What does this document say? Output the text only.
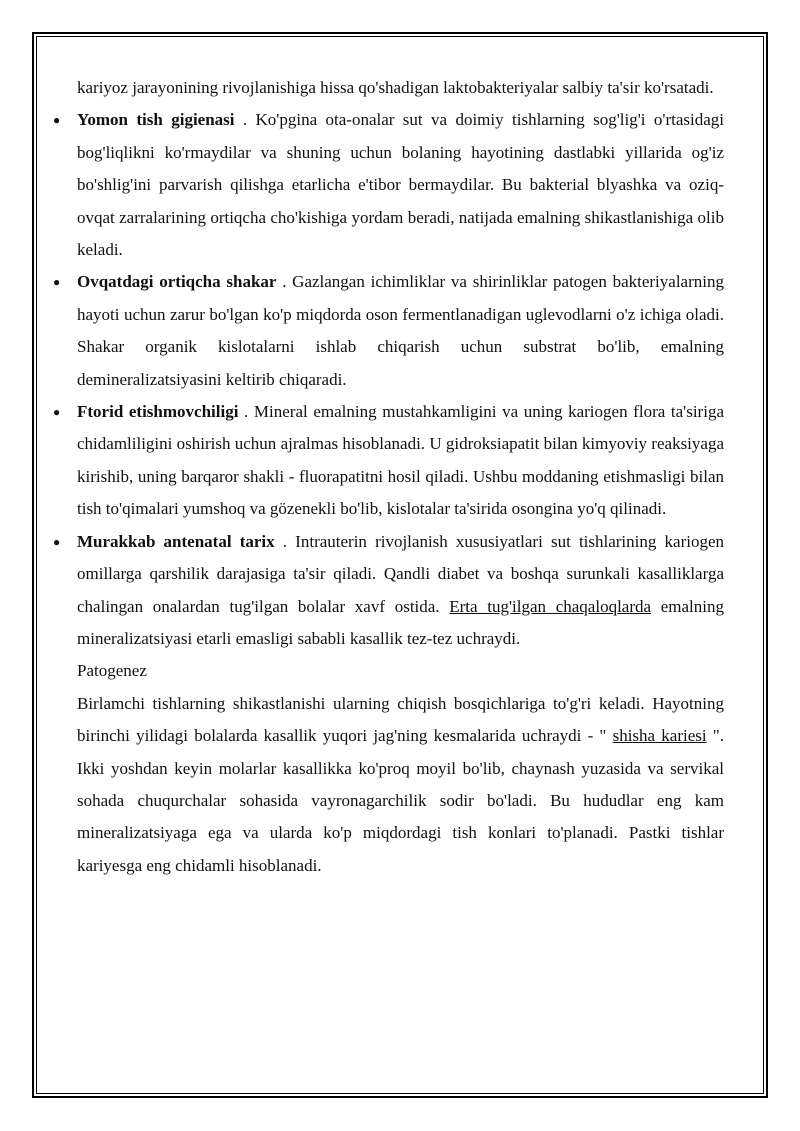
kariyoz jarayonining rivojlanishiga hissa qo'shadigan laktobakteriyalar salbiy ta'sir ko'rsatadi.

● Yomon tish gigienasi . Ko'pgina ota-onalar sut va doimiy tishlarning sog'lig'i o'rtasidagi bog'liqlikni ko'rmaydilar va shuning uchun bolaning hayotining dastlabki yillarida og'iz bo'shlig'ini parvarish qilishga etarlicha e'tibor bermaydilar. Bu bakterial blyashka va oziq-ovqat zarralarining ortiqcha cho'kishiga yordam beradi, natijada emalning shikastlanishiga olib keladi.
● Ovqatdagi ortiqcha shakar . Gazlangan ichimliklar va shirinliklar patogen bakteriyalarning hayoti uchun zarur bo'lgan ko'p miqdorda oson fermentlanadigan uglevodlarni o'z ichiga oladi. Shakar organik kislotalarni ishlab chiqarish uchun substrat bo'lib, emalning demineralizatsiyasini keltirib chiqaradi.
● Ftorid etishmovchiligi . Mineral emalning mustahkamligini va uning kariogen flora ta'siriga chidamliligini oshirish uchun ajralmas hisoblanadi. U gidroksiapatit bilan kimyoviy reaksiyaga kirishib, uning barqaror shakli - fluorapatitni hosil qiladi. Ushbu moddaning etishmasligi bilan tish to'qimalari yumshoq va gözenekli bo'lib, kislotalar ta'sirida osongina yo'q qilinadi.
● Murakkab antenatal tarix . Intrauterin rivojlanish xususiyatlari sut tishlarining kariogen omillarga qarshilik darajasiga ta'sir qiladi. Qandli diabet va boshqa surunkali kasalliklarga chalingan onalardan tug'ilgan bolalar xavf ostida. Erta tug'ilgan chaqaloqlarda emalning mineralizatsiyasi etarli emasligi sababli kasallik tez-tez uchraydi.

Patogenez

Birlamchi tishlarning shikastlanishi ularning chiqish bosqichlariga to'g'ri keladi. Hayotning birinchi yilidagi bolalarda kasallik yuqori jag'ning kesmalarida uchraydi - " shisha kariesi ". Ikki yoshdan keyin molarlar kasallikka ko'proq moyil bo'lib, chaynash yuzasida va servikal sohada chuqurchalar sohasida vayronagarchilik sodir bo'ladi. Bu hududlar eng kam mineralizatsiyaga ega va ularda ko'p miqdordagi tish konlari to'planadi. Pastki tishlar kariyesga eng chidamli hisoblanadi.
